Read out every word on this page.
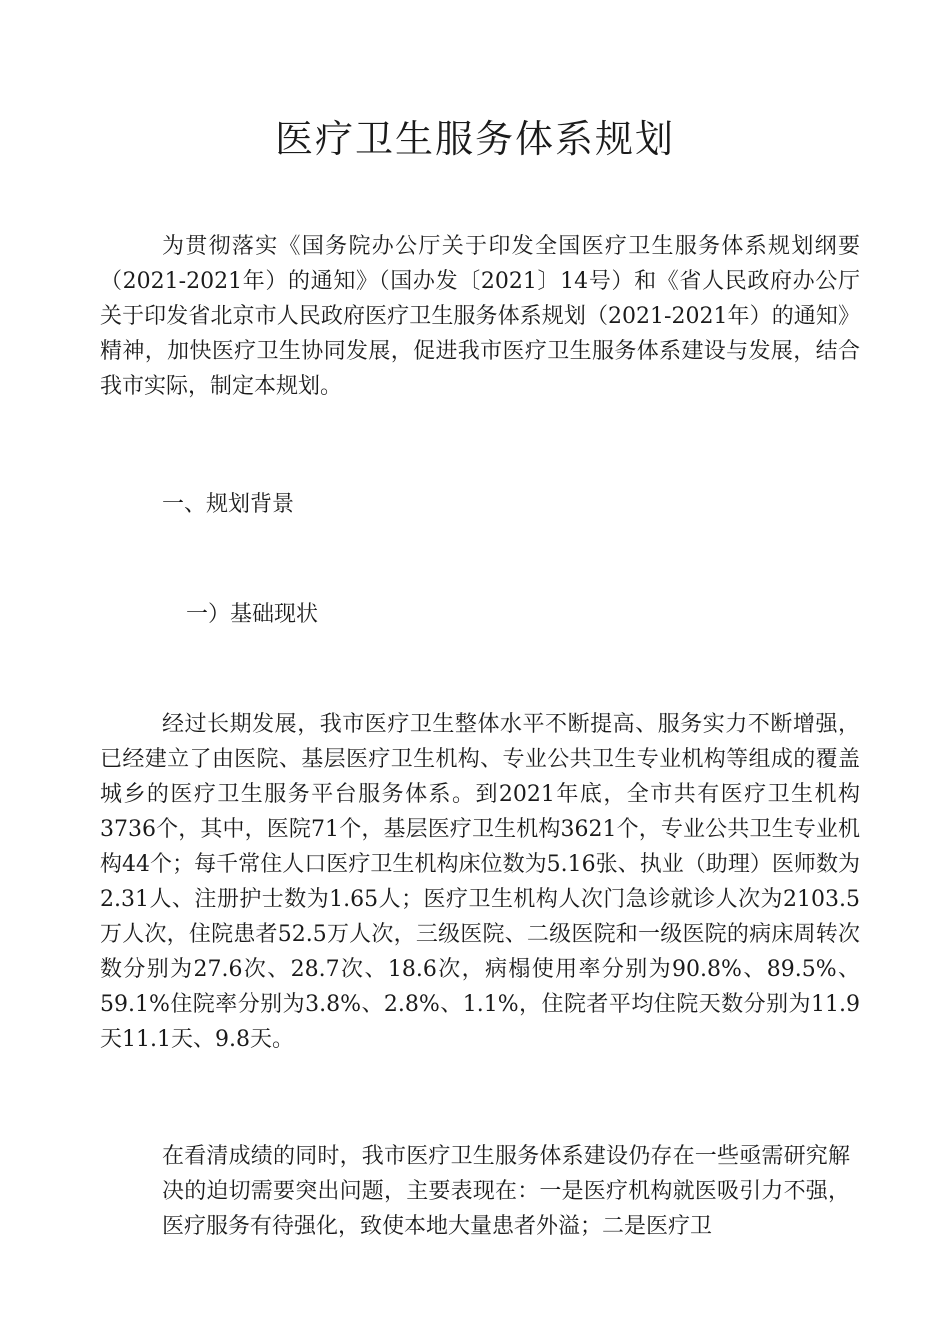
医疗卫生服务体系规划

为贯彻落实《国务院办公厅关于印发全国医疗卫生服务体系规划纲要（2021-2021年）的通知》（国办发〔2021〕14号）和《省人民政府办公厅关于印发省北京市人民政府医疗卫生服务体系规划（2021-2021年）的通知》精神，加快医疗卫生协同发展，促进我市医疗卫生服务体系建设与发展，结合我市实际，制定本规划。

一、规划背景
一）基础现状

经过长期发展，我市医疗卫生整体水平不断提高、服务实力不断增强，已经建立了由医院、基层医疗卫生机构、专业公共卫生专业机构等组成的覆盖城乡的医疗卫生服务平台服务体系。到2021年底，全市共有医疗卫生机构3736个，其中，医院71个，基层医疗卫生机构3621个，专业公共卫生专业机构44个；每千常住人口医疗卫生机构床位数为5.16张、执业（助理）医师数为2.31人、注册护士数为1.65人；医疗卫生机构人次门急诊就诊人次为2103.5万人次，住院患者52.5万人次，三级医院、二级医院和一级医院的病床周转次数分别为27.6次、28.7次、18.6次，病榻使用率分别为90.8%、89.5%、59.1%住院率分别为3.8%、2.8%、1.1%，住院者平均住院天数分别为11.9天11.1天、9.8天。

在看清成绩的同时，我市医疗卫生服务体系建设仍存在一些亟需研究解决的迫切需要突出问题，主要表现在：一是医疗机构就医吸引力不强，医疗服务有待强化，致使本地大量患者外溢；二是医疗卫
